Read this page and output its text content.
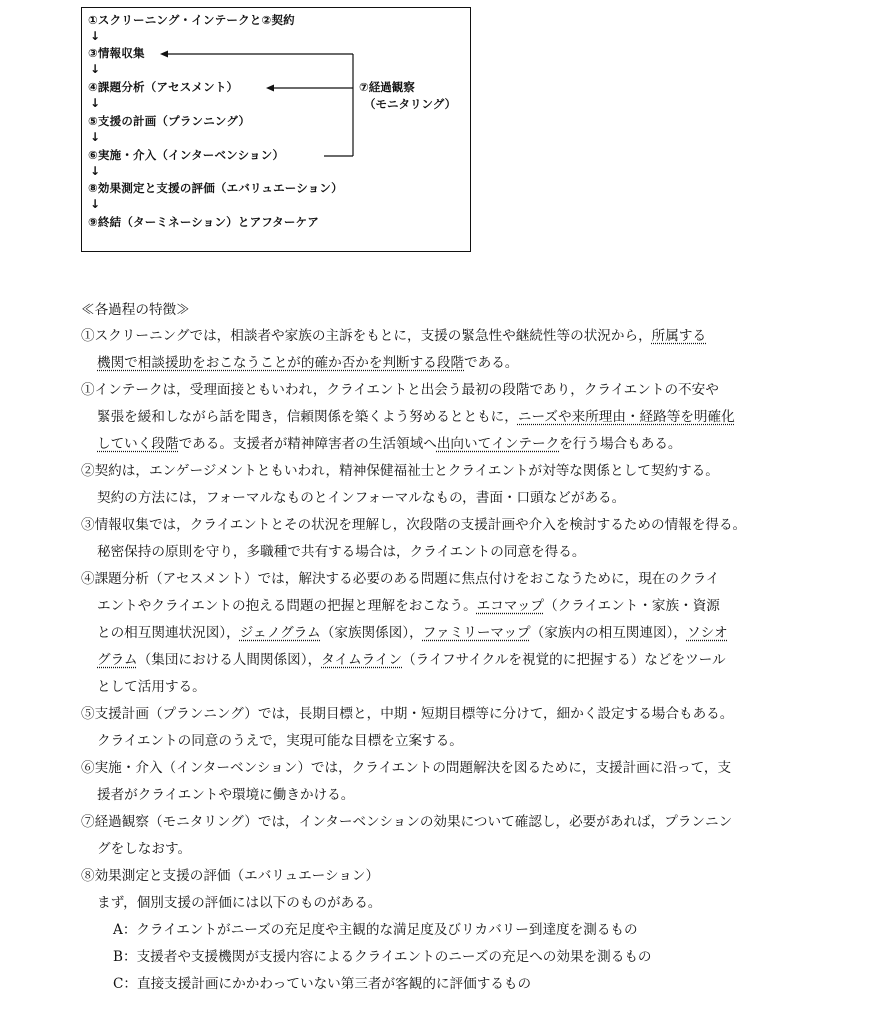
①スクリーニング・インテークと②契約
↓
③情報収集
↓
④課題分析（アセスメント）
↓
⑤支援の計画（プランニング）
↓
⑥実施・介入（インターベンション）
↓
⑧効果測定と支援の評価（エバリュエーション）
↓
⑨終結（ターミネーション）とアフターケア
⑦経過観察
（モニタリング）
≪各過程の特徴≫
①スクリーニングでは，相談者や家族の主訴をもとに，支援の緊急性や継続性等の状況から，所属する
機関で相談援助をおこなうことが的確か否かを判断する段階である。
①インテークは，受理面接ともいわれ，クライエントと出会う最初の段階であり，クライエントの不安や
緊張を緩和しながら話を聞き，信頼関係を築くよう努めるとともに，ニーズや来所理由・経路等を明確化
していく段階である。支援者が精神障害者の生活領域へ出向いてインテークを行う場合もある。
②契約は，エンゲージメントともいわれ，精神保健福祉士とクライエントが対等な関係として契約する。
契約の方法には，フォーマルなものとインフォーマルなもの，書面・口頭などがある。
③情報収集では，クライエントとその状況を理解し，次段階の支援計画や介入を検討するための情報を得る。
秘密保持の原則を守り，多職種で共有する場合は，クライエントの同意を得る。
④課題分析（アセスメント）では，解決する必要のある問題に焦点付けをおこなうために，現在のクライ
エントやクライエントの抱える問題の把握と理解をおこなう。エコマップ（クライエント・家族・資源
との相互関連状況図），ジェノグラム（家族関係図），ファミリーマップ（家族内の相互関連図），ソシオ
グラム（集団における人間関係図），タイムライン（ライフサイクルを視覚的に把握する）などをツール
として活用する。
⑤支援計画（プランニング）では，長期目標と，中期・短期目標等に分けて，細かく設定する場合もある。
クライエントの同意のうえで，実現可能な目標を立案する。
⑥実施・介入（インターベンション）では，クライエントの問題解決を図るために，支援計画に沿って，支
援者がクライエントや環境に働きかける。
⑦経過観察（モニタリング）では，インターベンションの効果について確認し，必要があれば，プランニン
グをしなおす。
⑧効果測定と支援の評価（エバリュエーション）
まず，個別支援の評価には以下のものがある。
A：クライエントがニーズの充足度や主観的な満足度及びリカバリー到達度を測るもの
B：支援者や支援機関が支援内容によるクライエントのニーズの充足への効果を測るもの
C：直接支援計画にかかわっていない第三者が客観的に評価するもの
